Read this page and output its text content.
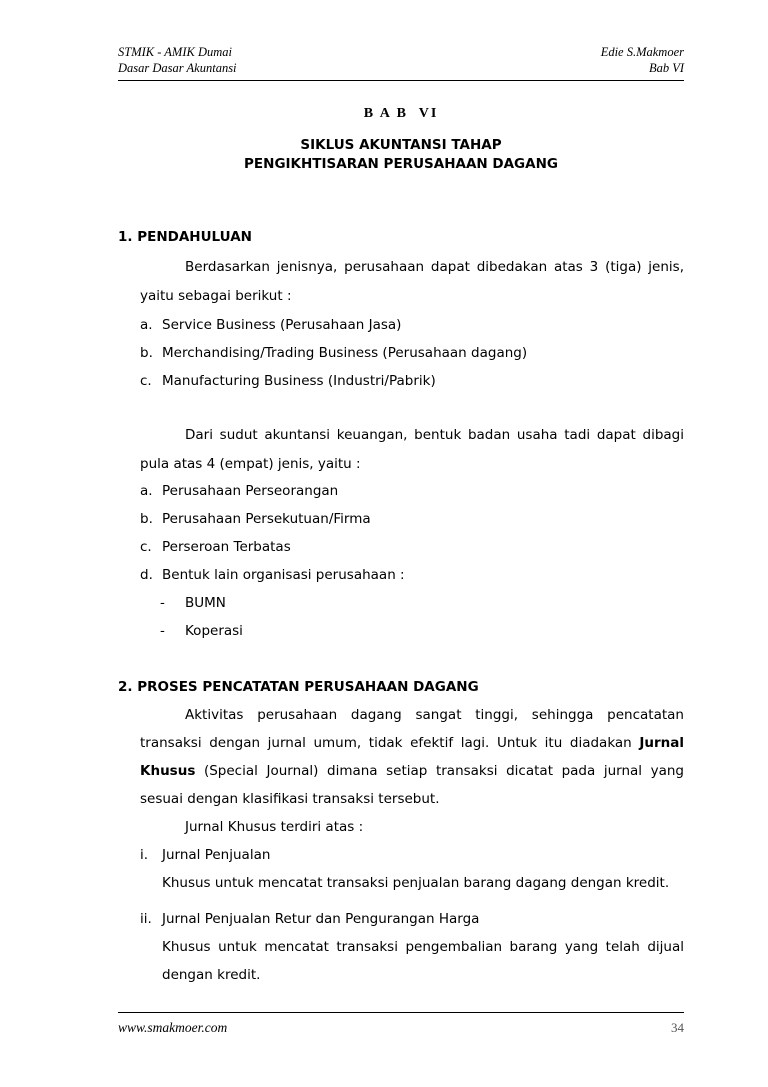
STMIK - AMIK Dumai
Dasar Dasar Akuntansi
Edie S.Makmoer
Bab VI
B A B  VI
SIKLUS AKUNTANSI TAHAP
PENGIKHTISARAN PERUSAHAAN DAGANG
1. PENDAHULUAN
Berdasarkan jenisnya, perusahaan dapat dibedakan atas 3 (tiga) jenis,
yaitu sebagai berikut :
a. Service Business (Perusahaan Jasa)
b. Merchandising/Trading Business (Perusahaan dagang)
c. Manufacturing Business (Industri/Pabrik)
Dari sudut akuntansi keuangan, bentuk badan usaha tadi dapat dibagi
pula atas 4 (empat) jenis, yaitu :
a. Perusahaan Perseorangan
b. Perusahaan Persekutuan/Firma
c. Perseroan Terbatas
d. Bentuk lain organisasi perusahaan :
- BUMN
- Koperasi
2. PROSES PENCATATAN PERUSAHAAN DAGANG
Aktivitas perusahaan dagang sangat tinggi, sehingga pencatatan
transaksi dengan jurnal umum, tidak efektif lagi. Untuk itu diadakan Jurnal
Khusus (Special Journal) dimana setiap transaksi dicatat pada jurnal yang
sesuai dengan klasifikasi transaksi tersebut.
Jurnal Khusus terdiri atas :
i. Jurnal Penjualan
Khusus untuk mencatat transaksi penjualan barang dagang dengan kredit.
ii. Jurnal Penjualan Retur dan Pengurangan Harga
Khusus untuk mencatat transaksi pengembalian barang yang telah dijual
dengan kredit.
www.smakmoer.com	34
